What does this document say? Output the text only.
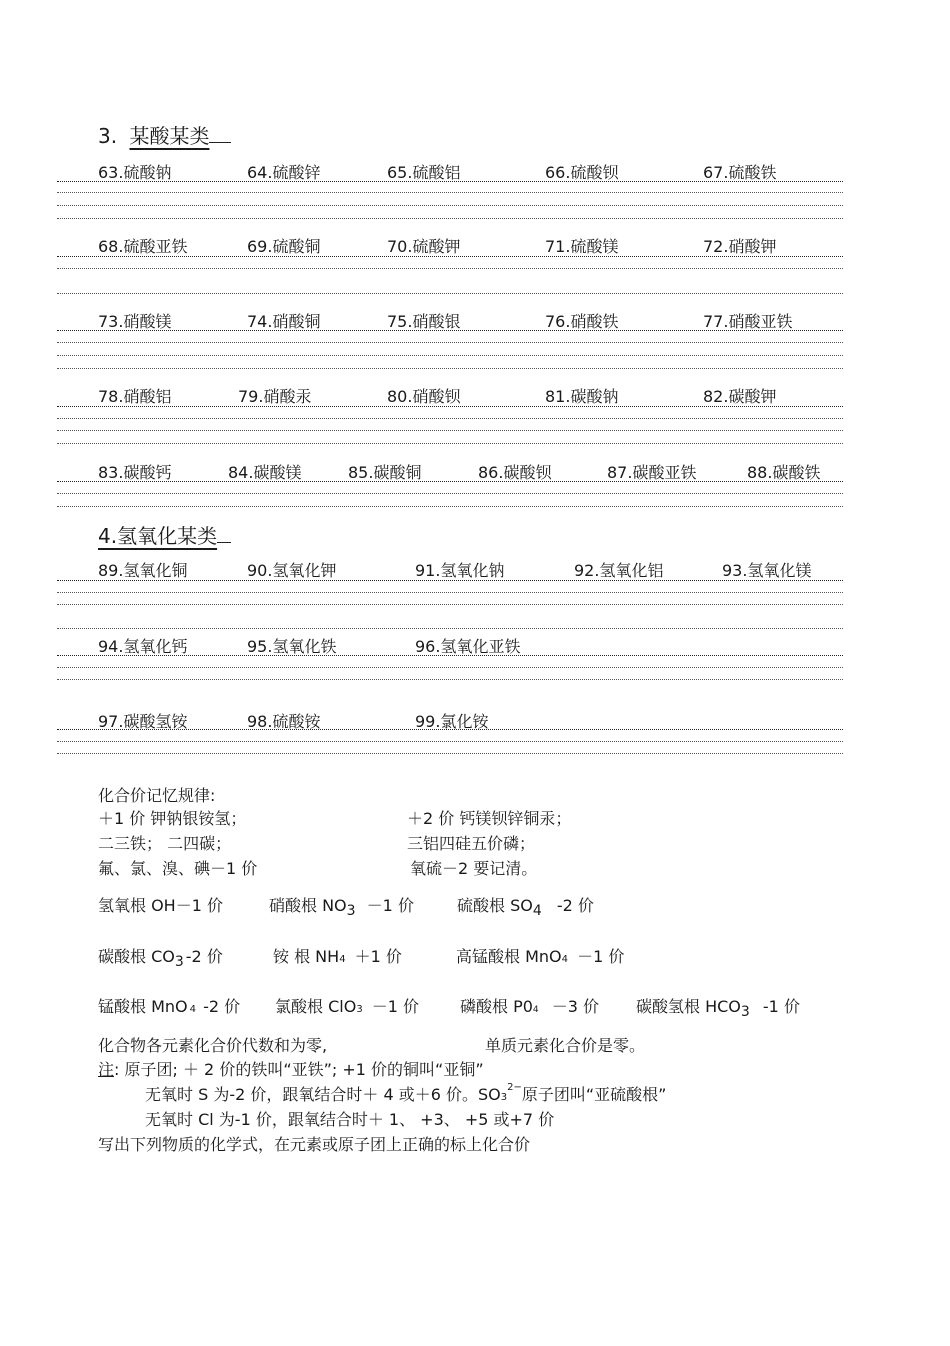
3. 某酸某类
63.硫酸钠	64.硫酸锌	65.硫酸铝	66.硫酸钡	67.硫酸铁
68.硫酸亚铁	69.硫酸铜	70.硫酸钾	71.硫酸镁	72.硝酸钾
73.硝酸镁	74.硝酸铜	75.硝酸银	76.硝酸铁	77.硝酸亚铁
78.硝酸铝	79.硝酸汞	80.硝酸钡	81.碳酸钠	82.碳酸钾
83.碳酸钙	84.碳酸镁	85.碳酸铜	86.碳酸钡	87.碳酸亚铁	88.碳酸铁
4.氢氧化某类
89.氢氧化铜	90.氢氧化钾	91.氢氧化钠	92.氢氧化铝	93.氢氧化镁
94.氢氧化钙	95.氢氧化铁	96.氢氧化亚铁
97.碳酸氢铵	98.硫酸铵	99.氯化铵
化合价记忆规律:
＋1 价 钾钠银铵氢；	＋2 价 钙镁钡锌铜汞；
二三铁； 二四碳；	三铝四硅五价磷；
氟、氯、溴、碘－1 价	氧硫－2 要记清。
氢氧根 OH－1 价	硝酸根 $NO_3 -1$ 价	硫酸根 $SO_4$ -2 价
碳酸根 $CO_3$ -2 价	铵 根 NH4 ＋1 价	高锰酸根 MnO4 －1 价
锰酸根 MnO 4 -2 价 氯酸根 ClO3 －1 价	磷酸根 P04 －3 价 碳酸氢根 $HCO_3$ -1 价
化合物各元素化合价代数和为零,	单质元素化合价是零。
注: 原子团; ＋ 2 价的铁叫“亚铁”; +1 价的铜叫“亚铜”
无氧时 S 为-2 价，跟氧结合时＋ 4 或＋6 价。$SO3^{2-}$原子团叫“亚硫酸根”
无氧时 Cl 为-1 价，跟氧结合时＋ 1、 +3、 +5 或+7 价
写出下列物质的化学式，在元素或原子团上正确的标上化合价
